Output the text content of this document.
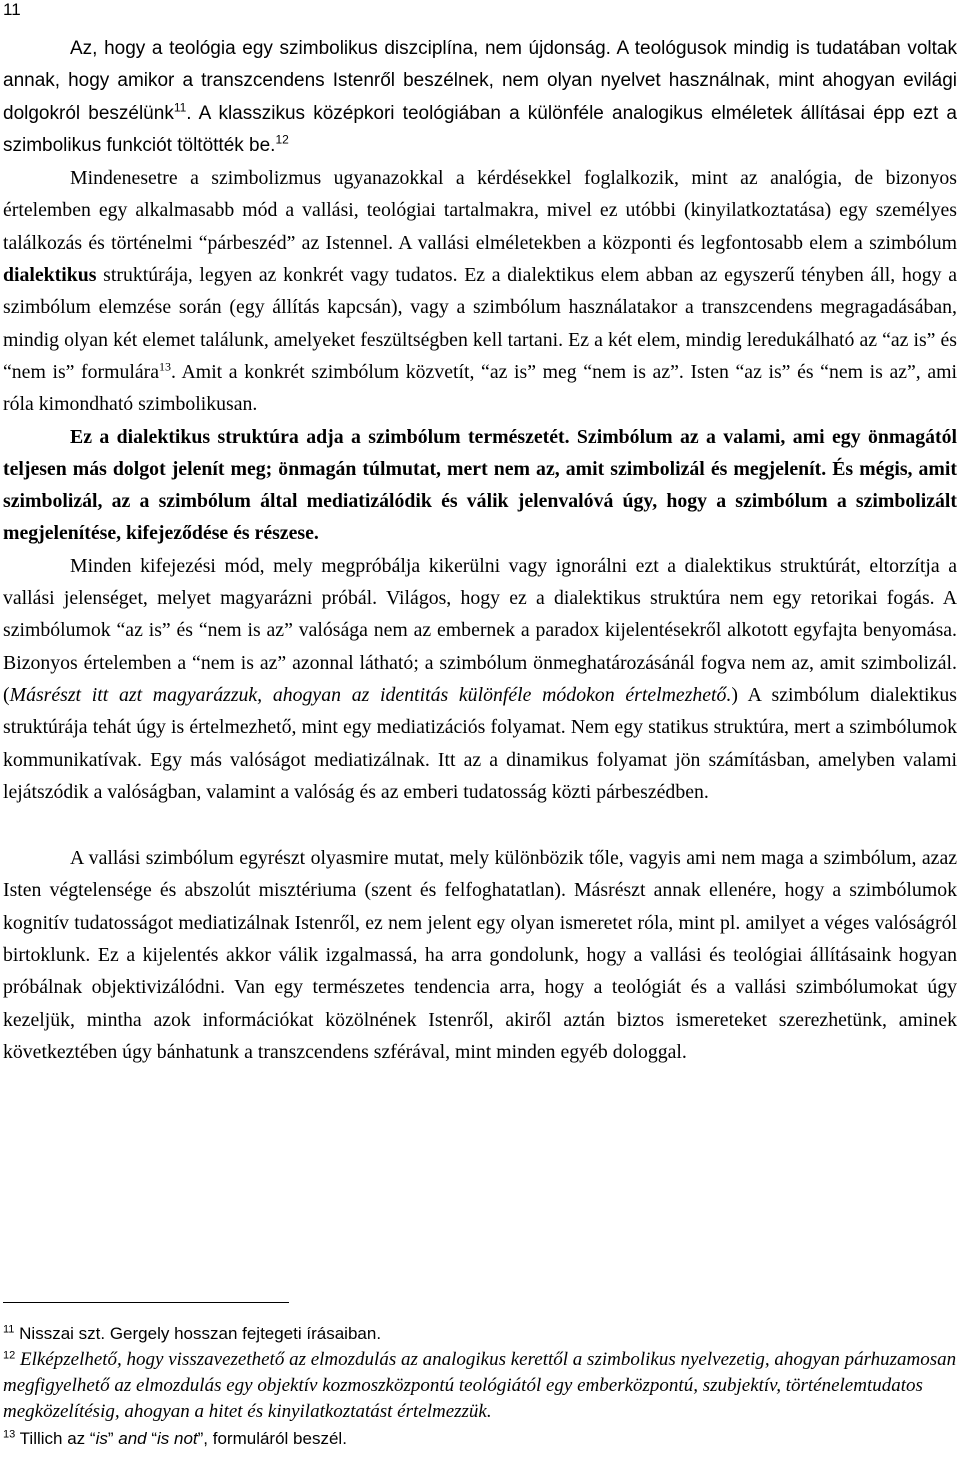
11

Az, hogy a teológia egy szimbolikus diszciplína, nem újdonság. A teológusok mindig is tudatában voltak annak, hogy amikor a transzcendens Istenről beszélnek, nem olyan nyelvet használnak, mint ahogyan evilági dolgokról beszélünk$^{11}$. A klasszikus középkori teológiában a különféle analogikus elméletek állításai épp ezt a szimbolikus funkciót töltötték be.$^{12}$

Mindenesetre a szimbolizmus ugyanazokkal a kérdésekkel foglalkozik, mint az analógia, de bizonyos értelemben egy alkalmasabb mód a vallási, teológiai tartalmakra, mivel ez utóbbi (kinyilatkoztatása) egy személyes találkozás és történelmi “párbeszéd” az Istennel. A vallási elméletekben a központi és legfontosabb elem a szimbólum dialektikus struktúrája, legyen az konkrét vagy tudatos. Ez a dialektikus elem abban az egyszerű tényben áll, hogy a szimbólum elemzése során (egy állítás kapcsán), vagy a szimbólum használatakor a transzcendens megragadásában, mindig olyan két elemet találunk, amelyeket feszültségben kell tartani. Ez a két elem, mindig leredukálható az “az is” és “nem is” formulára$^{13}$. Amit a konkrét szimbólum közvetít, “az is” meg “nem is az”. Isten “az is” és “nem is az”, ami róla kimondható szimbolikusan.

Ez a dialektikus struktúra adja a szimbólum természetét. Szimbólum az a valami, ami egy önmagától teljesen más dolgot jelenít meg; önmagán túlmutat, mert nem az, amit szimbolizál és megjelenít. És mégis, amit szimbolizál, az a szimbólum által mediatizálódik és válik jelenvalóvá úgy, hogy a szimbólum a szimbolizált megjelenítése, kifejeződése és részese.

Minden kifejezési mód, mely megpróbálja kikerülni vagy ignorálni ezt a dialektikus struktúrát, eltorzítja a vallási jelenséget, melyet magyarázni próbál. Világos, hogy ez a dialektikus struktúra nem egy retorikai fogás. A szimbólumok “az is” és “nem is az” valósága nem az embernek a paradox kijelentésekről alkotott egyfajta benyomása. Bizonyos értelemben a “nem is az” azonnal látható; a szimbólum önmeghatározásánál fogva nem az, amit szimbolizál. (Másrészt itt azt magyarázzuk, ahogyan az identitás különféle módokon értelmezhető.) A szimbólum dialektikus struktúrája tehát úgy is értelmezhető, mint egy mediatizációs folyamat. Nem egy statikus struktúra, mert a szimbólumok kommunikatívak. Egy más valóságot mediatizálnak. Itt az a dinamikus folyamat jön számításban, amelyben valami lejátszódik a valóságban, valamint a valóság és az emberi tudatosság közti párbeszédben.

A vallási szimbólum egyrészt olyasmire mutat, mely különbözik tőle, vagyis ami nem maga a szimbólum, azaz Isten végtelensége és abszolút misztériuma (szent és felfoghatatlan). Másrészt annak ellenére, hogy a szimbólumok kognitív tudatosságot mediatizálnak Istenről, ez nem jelent egy olyan ismeretet róla, mint pl. amilyet a véges valóságról birtoklunk. Ez a kijelentés akkor válik izgalmassá, ha arra gondolunk, hogy a vallási és teológiai állításaink hogyan próbálnak objektivizálódni. Van egy természetes tendencia arra, hogy a teológiát és a vallási szimbólumokat úgy kezeljük, mintha azok információkat közölnének Istenről, akiről aztán biztos ismereteket szerezhetünk, aminek következtében úgy bánhatunk a transzcendens szférával, mint minden egyéb dologgal.

$^{11}$ Nisszai szt. Gergely hosszan fejtegeti írásaiban.

$^{12}$ Elképzelhető, hogy visszavezethető az elmozdulás az analogikus kerettől a szimbolikus nyelvezetig, ahogyan párhuzamosan megfigyelhető az elmozdulás egy objektív kozmoszközpontú teológiától egy emberközpontú, szubjektív, történelemtudatos megközelítésig, ahogyan a hitet és kinyilatkoztatást értelmezzük.

$^{13}$ Tillich az “is” and “is not”, formuláról beszél.
